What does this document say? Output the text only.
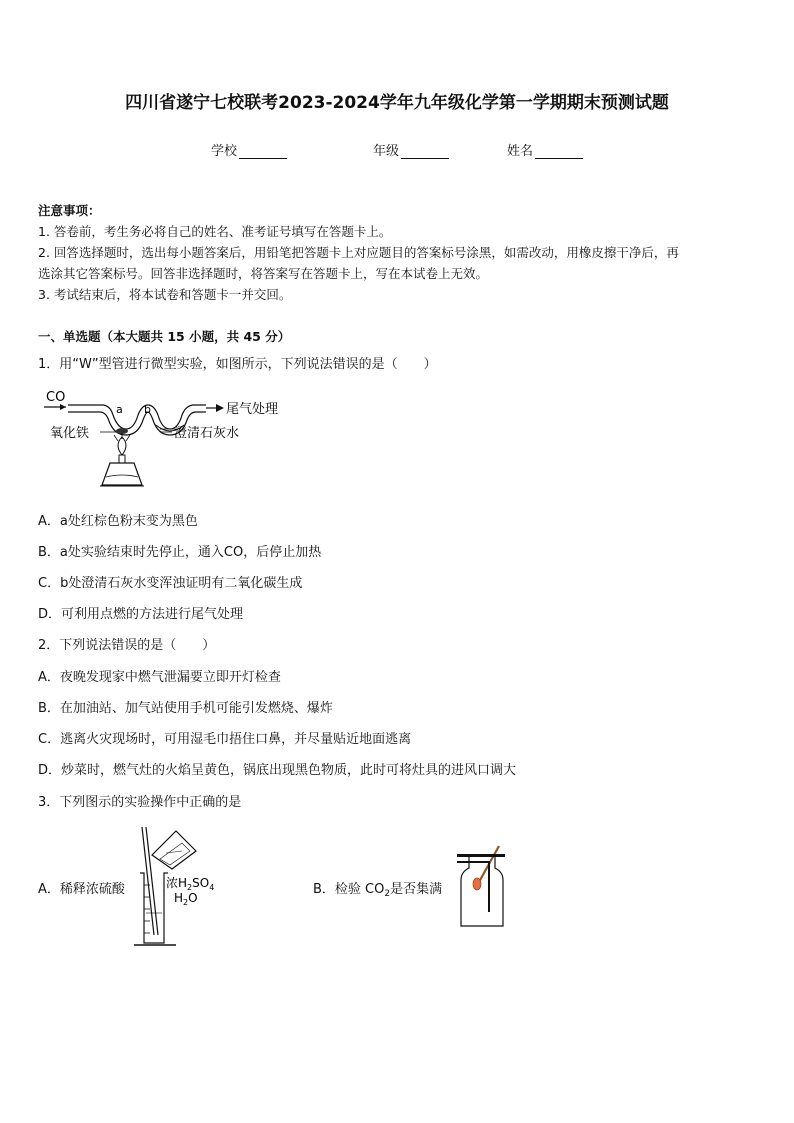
四川省遂宁七校联考2023-2024学年九年级化学第一学期期末预测试题
学校	年级	姓名
注意事项：
1. 答卷前，考生务必将自己的姓名、准考证号填写在答题卡上。
2. 回答选择题时，选出每小题答案后，用铅笔把答题卡上对应题目的答案标号涂黑，如需改动，用橡皮擦干净后，再
选涂其它答案标号。回答非选择题时，将答案写在答题卡上，写在本试卷上无效。
3. 考试结束后，将本试卷和答题卡一并交回。
一、单选题（本大题共 15 小题，共 45 分）
1．用“W”型管进行微型实验，如图所示，下列说法错误的是（　　）
CO
a b	尾气处理
氧化铁	澄清石灰水
A．a处红棕色粉末变为黑色
B．a处实验结束时先停止，通入CO，后停止加热
C．b处澄清石灰水变浑浊证明有二氧化碳生成
D．可利用点燃的方法进行尾气处理
2．下列说法错误的是（　　）
A．夜晚发现家中燃气泄漏要立即开灯检查
B．在加油站、加气站使用手机可能引发燃烧、爆炸
C．逃离火灾现场时，可用湿毛巾捂住口鼻，并尽量贴近地面逃离
D．炒菜时，燃气灶的火焰呈黄色，锅底出现黑色物质，此时可将灶具的进风口调大
3．下列图示的实验操作中正确的是
A．稀释浓硫酸	浓$H_2SO_4$
$H_2O$
B．检验 $CO_2$是否集满
